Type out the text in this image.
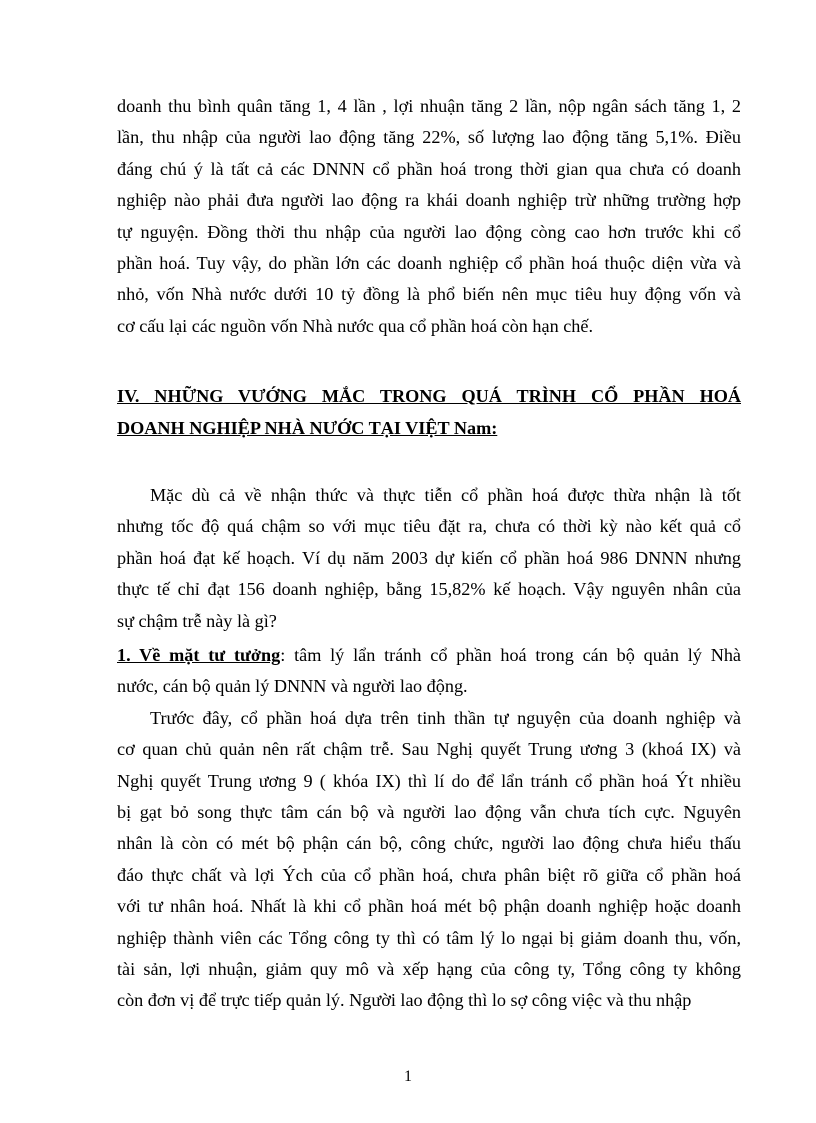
doanh thu bình quân tăng 1, 4 lần , lợi nhuận tăng 2 lần, nộp ngân sách tăng 1, 2
lần, thu nhập của người lao động tăng 22%, số lượng lao động tăng 5,1%. Điều
đáng chú ý là tất cả các DNNN cổ phần hoá trong thời gian qua chưa có doanh
nghiệp nào phải đưa người lao động ra khái doanh nghiệp trừ những trường hợp
tự nguyện. Đồng thời thu nhập của người lao động còng cao hơn trước khi cổ
phần hoá. Tuy vậy, do phần lớn các doanh nghiệp cổ phần hoá thuộc diện vừa và
nhỏ, vốn Nhà nước dưới 10 tỷ đồng là phổ biến nên mục tiêu huy động vốn và
cơ cấu lại các nguồn vốn Nhà nước qua cổ phần hoá còn hạn chế.
IV. NHỮNG VƯỚNG MẮC TRONG QUÁ TRÌNH CỔ PHẦN HOÁ
DOANH NGHIỆP NHÀ NƯỚC TẠI VIỆT Nam:
Mặc dù cả về nhận thức và thực tiễn cổ phần hoá được thừa nhận là tốt
nhưng tốc độ quá chậm so với mục tiêu đặt ra, chưa có thời kỳ nào kết quả cổ
phần hoá đạt kế hoạch. Ví dụ năm 2003 dự kiến cổ phần hoá 986 DNNN nhưng
thực tế chỉ đạt 156 doanh nghiệp, bằng 15,82% kế hoạch. Vậy nguyên nhân của
sự chậm trễ này là gì?
1. Về mặt tư tưởng: tâm lý lẩn tránh cổ phần hoá trong cán bộ quản lý Nhà
nước, cán bộ quản lý DNNN và người lao động.
Trước đây, cổ phần hoá dựa trên tinh thần tự nguyện của doanh nghiệp và
cơ quan chủ quản nên rất chậm trễ. Sau Nghị quyết Trung ương 3 (khoá IX) và
Nghị quyết Trung ương 9 ( khóa IX) thì lí do để lẩn tránh cổ phần hoá Ýt nhiều
bị gạt bỏ song thực tâm cán bộ và người lao động vẫn chưa tích cực. Nguyên
nhân là còn có mét bộ phận cán bộ, công chức, người lao động chưa hiểu thấu
đáo thực chất và lợi Ých của cổ phần hoá, chưa phân biệt rõ giữa cổ phần hoá
với tư nhân hoá. Nhất là khi cổ phần hoá mét bộ phận doanh nghiệp hoặc doanh
nghiệp thành viên các Tổng công ty thì có tâm lý lo ngại bị giảm doanh thu, vốn,
tài sản, lợi nhuận, giảm quy mô và xếp hạng của công ty, Tổng công ty không
còn đơn vị để trực tiếp quản lý. Người lao động thì lo sợ công việc và thu nhập
1
